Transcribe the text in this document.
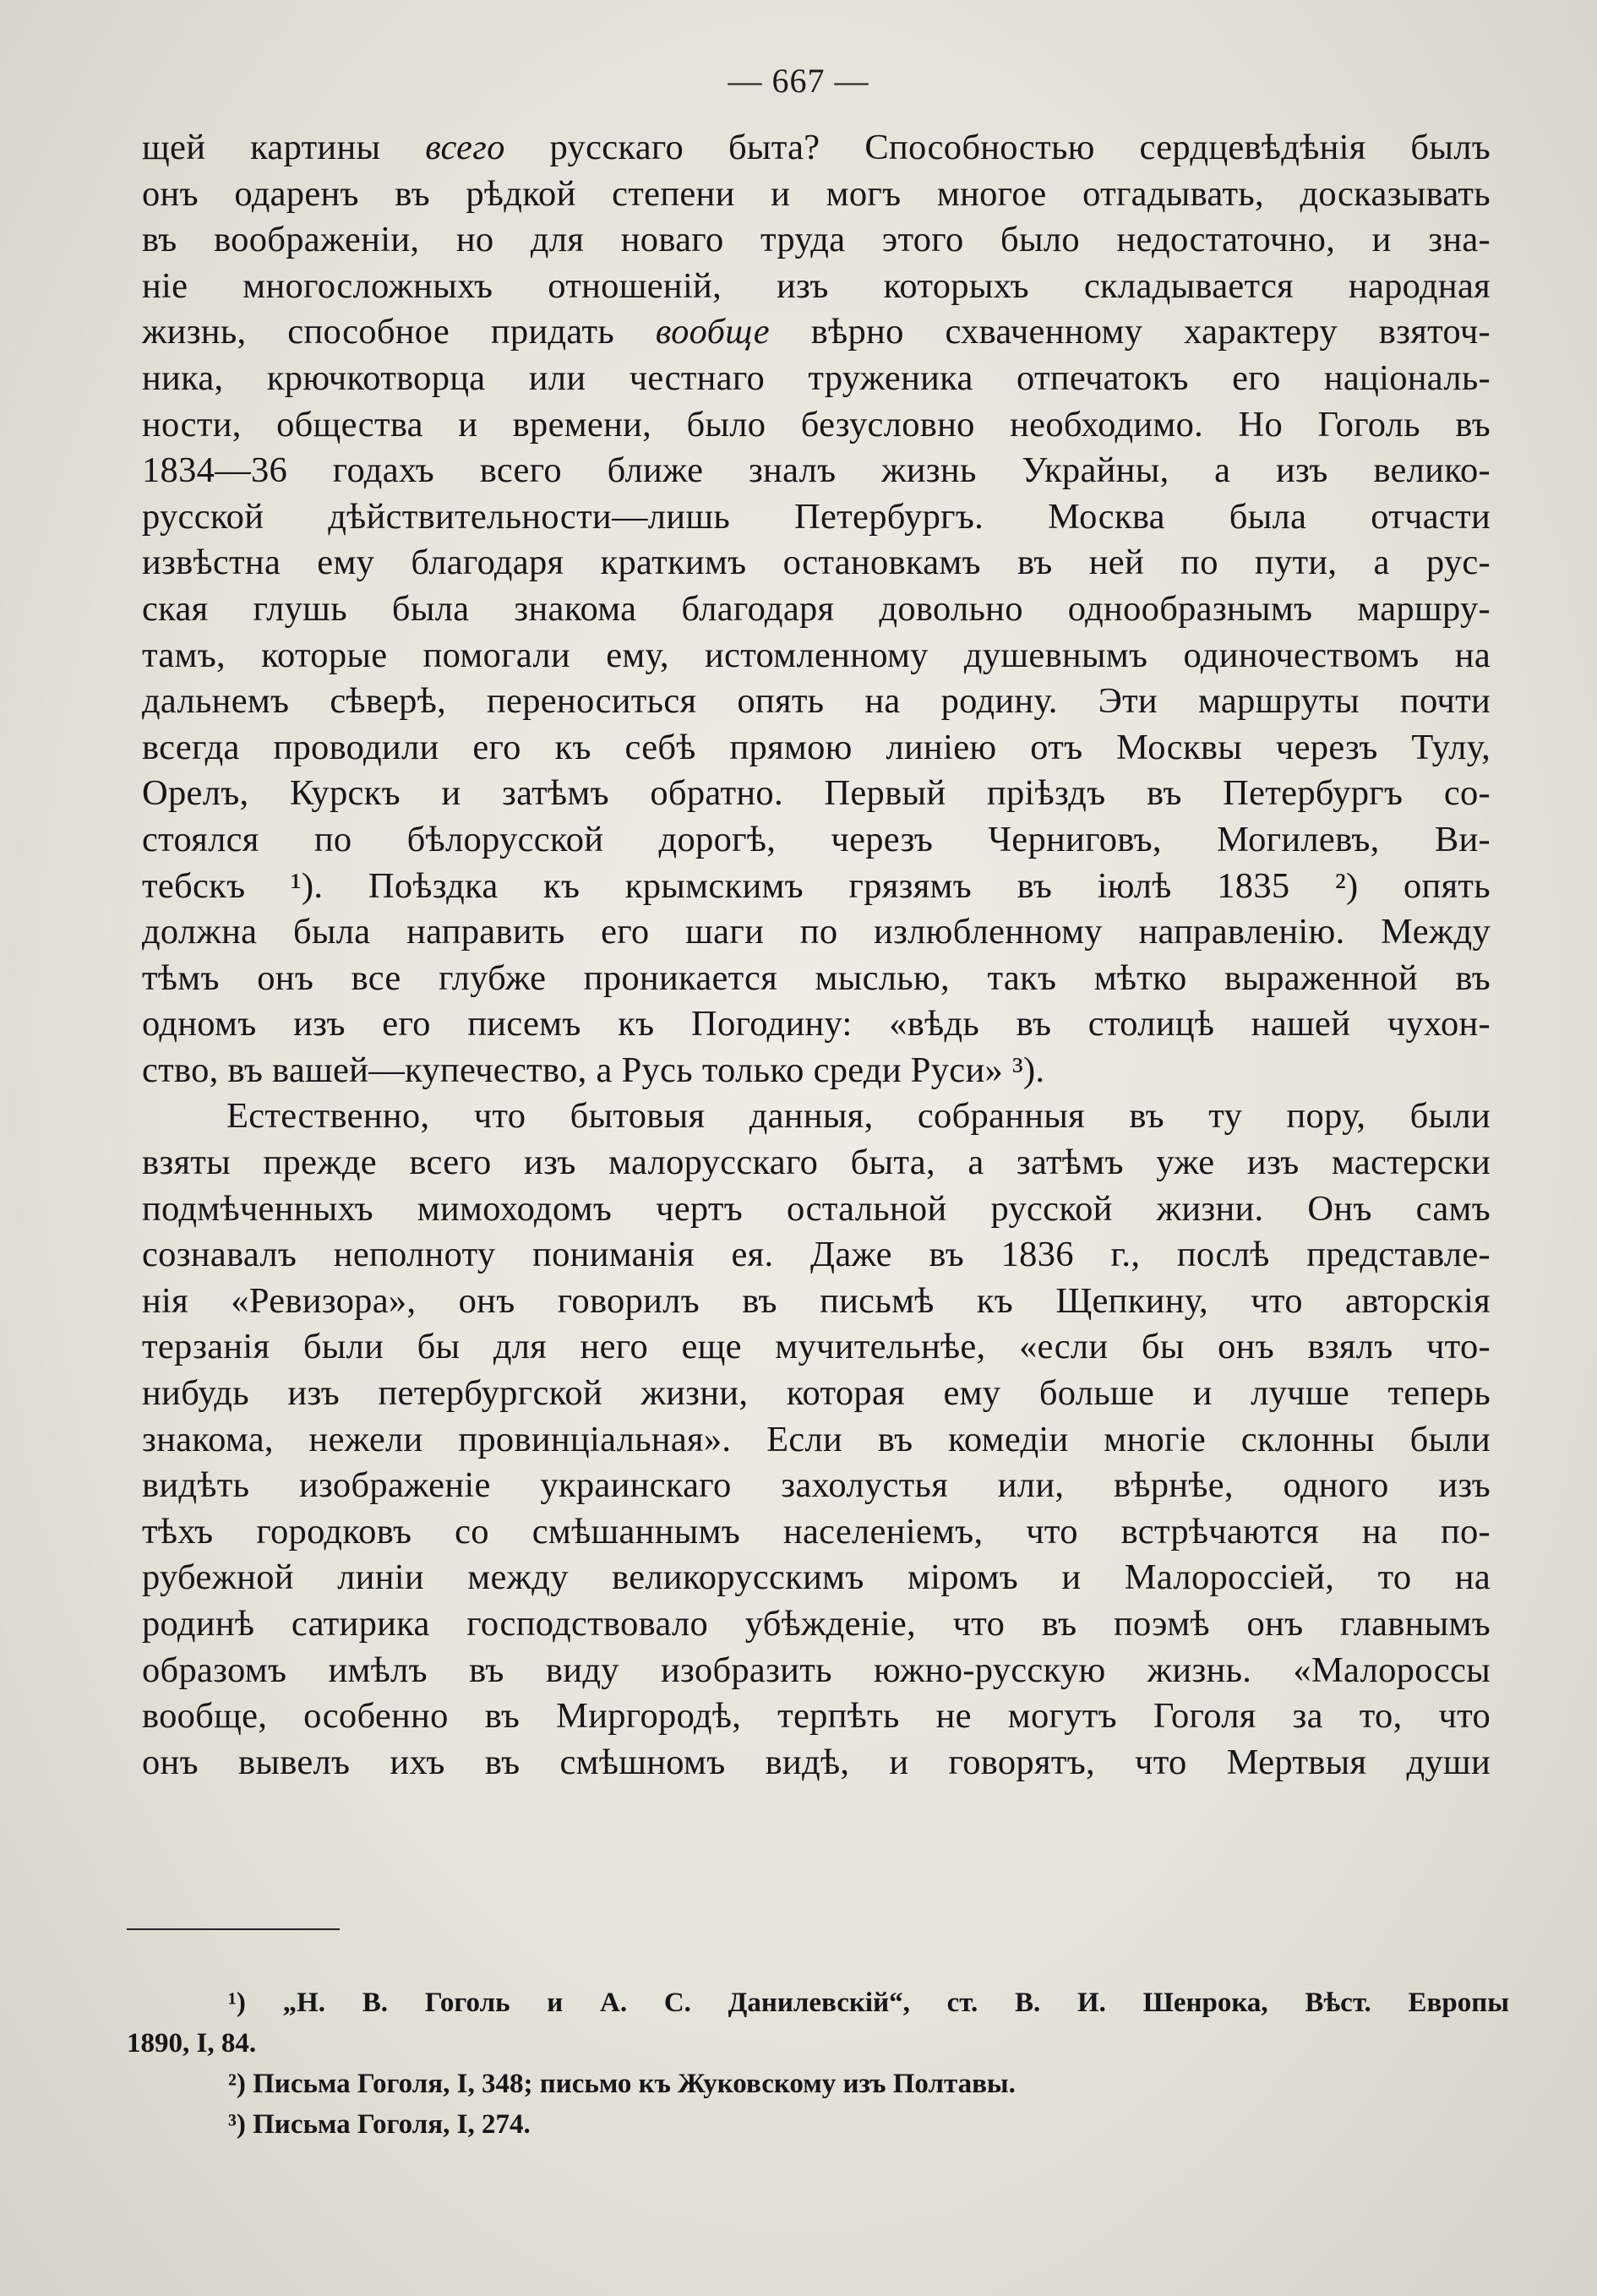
— 667 —
щей картины всего русскаго быта? Способностью сердцевѣдѣнія былъ
онъ одаренъ въ рѣдкой степени и могъ многое отгадывать, досказывать
въ воображеніи, но для новаго труда этого было недостаточно, и зна-
ніе многосложныхъ отношеній, изъ которыхъ складывается народная
жизнь, способное придать вообще вѣрно схваченному характеру взяточ-
ника, крючкотворца или честнаго труженика отпечатокъ его національ-
ности, общества и времени, было безусловно необходимо. Но Гоголь въ
1834—36 годахъ всего ближе зналъ жизнь Украйны, а изъ велико-
русской дѣйствительности—лишь Петербургъ. Москва была отчасти
извѣстна ему благодаря краткимъ остановкамъ въ ней по пути, а рус-
ская глушь была знакома благодаря довольно однообразнымъ маршру-
тамъ, которые помогали ему, истомленному душевнымъ одиночествомъ на
дальнемъ сѣверѣ, переноситься опять на родину. Эти маршруты почти
всегда проводили его къ себѣ прямою линіею отъ Москвы черезъ Тулу,
Орелъ, Курскъ и затѣмъ обратно. Первый пріѣздъ въ Петербургъ со-
стоялся по бѣлорусской дорогѣ, черезъ Черниговъ, Могилевъ, Ви-
тебскъ ¹). Поѣздка къ крымскимъ грязямъ въ іюлѣ 1835 ²) опять
должна была направить его шаги по излюбленному направленію. Между
тѣмъ онъ все глубже проникается мыслью, такъ мѣтко выраженной въ
одномъ изъ его писемъ къ Погодину: «вѣдь въ столицѣ нашей чухон-
ство, въ вашей—купечество, а Русь только среди Руси» ³).
Естественно, что бытовыя данныя, собранныя въ ту пору, были
взяты прежде всего изъ малорусскаго быта, а затѣмъ уже изъ мастерски
подмѣченныхъ мимоходомъ чертъ остальной русской жизни. Онъ самъ
сознавалъ неполноту пониманія ея. Даже въ 1836 г., послѣ представле-
нія «Ревизора», онъ говорилъ въ письмѣ къ Щепкину, что авторскія
терзанія были бы для него еще мучительнѣе, «если бы онъ взялъ что-
нибудь изъ петербургской жизни, которая ему больше и лучше теперь
знакома, нежели провинціальная». Если въ комедіи многіе склонны были
видѣть изображеніе украинскаго захолустья или, вѣрнѣе, одного изъ
тѣхъ городковъ со смѣшаннымъ населеніемъ, что встрѣчаются на по-
рубежной линіи между великорусскимъ міромъ и Малороссіей, то на
родинѣ сатирика господствовало убѣжденіе, что въ поэмѣ онъ главнымъ
образомъ имѣлъ въ виду изобразить южно-русскую жизнь. «Малороссы
вообще, особенно въ Миргородѣ, терпѣть не могутъ Гоголя за то, что
онъ вывелъ ихъ въ смѣшномъ видѣ, и говорятъ, что Мертвыя души
¹) „Н. В. Гоголь и А. С. Данилевскій“, ст. В. И. Шенрока, Вѣст. Европы
1890, I, 84.
²) Письма Гоголя, I, 348; письмо къ Жуковскому изъ Полтавы.
³) Письма Гоголя, I, 274.
